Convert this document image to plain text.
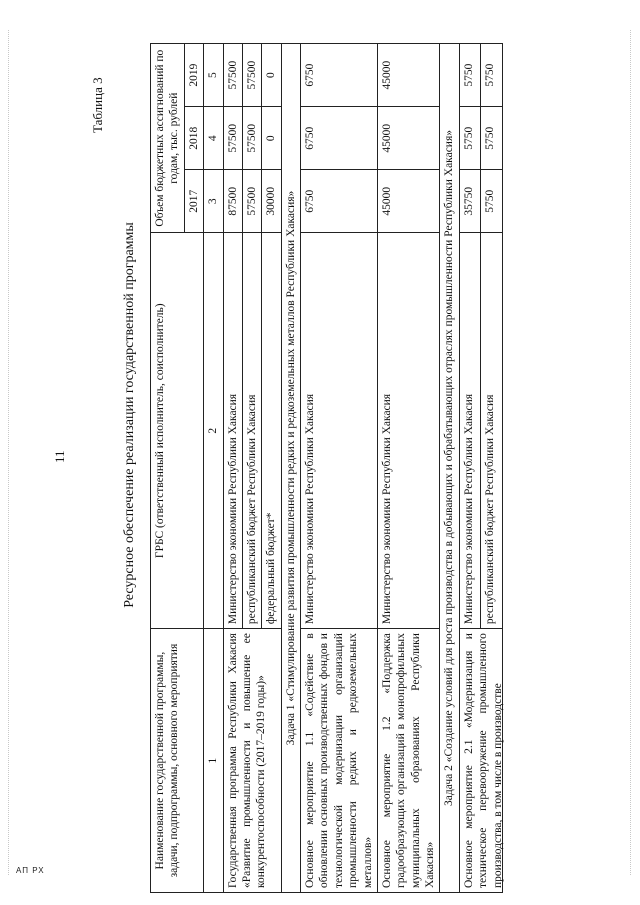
АП РХ
11
Таблица 3
Ресурсное обеспечение реализации государственной программы
Наименование государственной программы, задачи, подпрограммы, основного мероприятия	ГРБС (ответственный исполнитель, соисполнитель)	Объем бюджетных ассигнований по годам, тыс. рублей		
		2017	2018	2019
1	2	3	4	5
Государственная программа Республики Хакасия «Развитие промышленности и повышение ее конкурентоспособности (2017–2019 годы)»	Министерство экономики Республики Хакасия	87500	57500	57500
	республиканский бюджет Республики Хакасия	57500	57500	57500
	федеральный бюджет*	30000	0	0
Задача 1 «Стимулирование развития промышленности редких и редкоземельных металлов Республики Хакасия»				
Основное мероприятие 1.1 «Содействие в обновлении основных производственных фондов и технологической модернизации организаций промышленности редких и редкоземельных металлов»	Министерство экономики Республики Хакасия	6750	6750	6750
Основное мероприятие 1.2 «Поддержка градообразующих организаций в монопрофильных муниципальных образованиях Республики Хакасия»	Министерство экономики Республики Хакасия	45000	45000	45000
Задача 2 «Создание условий для роста производства в добывающих и обрабатывающих отраслях промышленности Республики Хакасия»				

Основное мероприятие 2.1 «Модернизация и техническое перевооружение промышленного производства, в том числе в производстве	Министерство экономики Республики Хакасия	35750	5750	5750
	республиканский бюджет Республики Хакасия	5750	5750	5750
